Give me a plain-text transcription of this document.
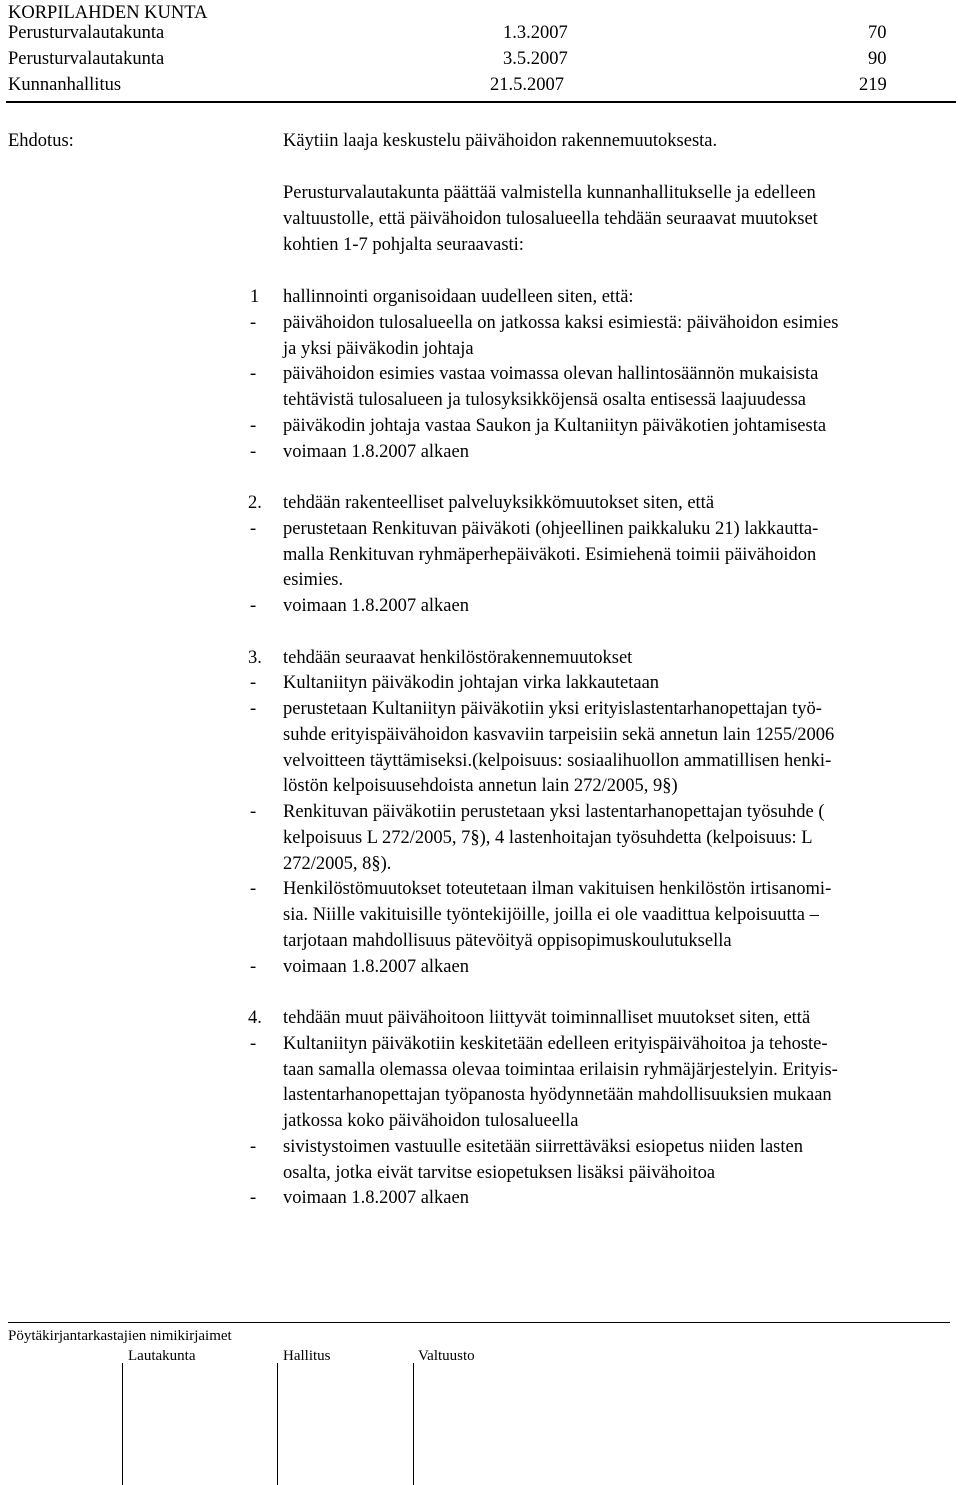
KORPILAHDEN KUNTA
Perusturvalautakunta	1.3.2007	70
Perusturvalautakunta	3.5.2007	90
Kunnanhallitus	21.5.2007	219
Ehdotus:	Käytiin laaja keskustelu päivähoidon rakennemuutoksesta.
Perusturvalautakunta päättää valmistella kunnanhallitukselle ja edelleen
valtuustolle, että päivähoidon tulosalueella tehdään seuraavat muutokset
kohtien 1-7 pohjalta seuraavasti:
1 hallinnointi organisoidaan uudelleen siten, että:
- päivähoidon tulosalueella on jatkossa kaksi esimiestä: päivähoidon esimies
ja yksi päiväkodin johtaja
- päivähoidon esimies vastaa voimassa olevan hallintosäännön mukaisista
tehtävistä tulosalueen ja tulosyksikköjensä osalta entisessä laajuudessa
- päiväkodin johtaja vastaa Saukon ja Kultaniityn päiväkotien johtamisesta
- voimaan 1.8.2007 alkaen
2. tehdään rakenteelliset palveluyksikkömuutokset siten, että
- perustetaan Renkituvan päiväkoti (ohjeellinen paikkaluku 21) lakkautta-
malla Renkituvan ryhmäperhepäiväkoti. Esimiehenä toimii päivähoidon
esimies.
- voimaan 1.8.2007 alkaen
3. tehdään seuraavat henkilöstörakennemuutokset
- Kultaniityn päiväkodin johtajan virka lakkautetaan
- perustetaan Kultaniityn päiväkotiin yksi erityislastentarhanopettajan työ-
suhde erityispäivähoidon kasvaviin tarpeisiin sekä annetun lain 1255/2006
velvoitteen täyttämiseksi.(kelpoisuus: sosiaalihuollon ammatillisen henki-
löstön kelpoisuusehdoista annetun lain 272/2005, 9§)
- Renkituvan päiväkotiin perustetaan yksi lastentarhanopettajan työsuhde (
kelpoisuus L 272/2005, 7§), 4 lastenhoitajan työsuhdetta (kelpoisuus: L
272/2005, 8§).
- Henkilöstömuutokset toteutetaan ilman vakituisen henkilöstön irtisanomi-
sia. Niille vakituisille työntekijöille, joilla ei ole vaadittua kelpoisuutta –
tarjotaan mahdollisuus pätevöityä oppisopimuskoulutuksella
- voimaan 1.8.2007 alkaen
4. tehdään muut päivähoitoon liittyvät toiminnalliset muutokset siten, että
- Kultaniityn päiväkotiin keskitetään edelleen erityispäivähoitoa ja tehoste-
taan samalla olemassa olevaa toimintaa erilaisin ryhmäjärjestelyin. Erityis-
lastentarhanopettajan työpanosta hyödynnetään mahdollisuuksien mukaan
jatkossa koko päivähoidon tulosalueella
- sivistystoimen vastuulle esitetään siirrettäväksi esiopetus niiden lasten
osalta, jotka eivät tarvitse esiopetuksen lisäksi päivähoitoa
- voimaan 1.8.2007 alkaen
Pöytäkirjantarkastajien nimikirjaimet
Lautakunta	Hallitus	Valtuusto
